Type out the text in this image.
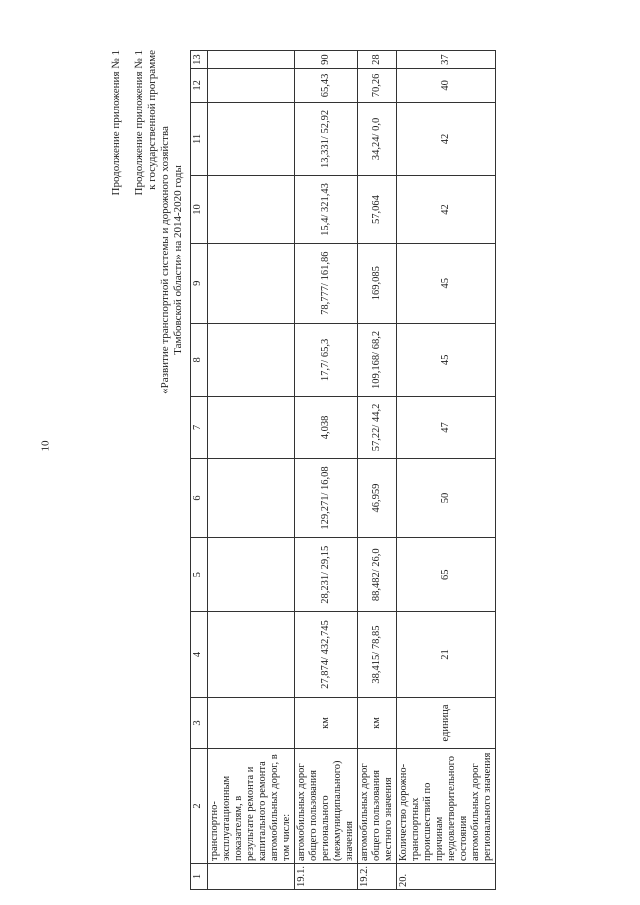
10
Продолжение приложения № 1 Продолжение приложения № 1 к государственной программе
«Развитие транспортной системы и дорожного хозяйства Тамбовской области» на 2014-2020 годы
1	2	3	4	5	6	7	8	9	10	11	12	13
	транспортно-эксплуатационным показателям, в результате ремонта и капитального ремонта автомобильных дорог, в том числе:											
19.1.	автомобильных дорог общего пользования регионального (межмуниципального) значения	км	27,874/ 432,745	28,231/ 29,15	129,271/ 16,08	4,038	17,7/ 65,3	78,777/ 161,86	15,4/ 321,43	13,331/ 52,92	65,43	90
19.2.	автомобильных дорог общего пользования местного значения	км	38,415/ 78,85	88,482/ 26,0	46,959	57,22/ 44,2	109,168/ 68,2	169,085	57,064	34,24/ 0,0	70,26	28
20.	Количество дорожно-транспортных происшествий по причинам неудовлетворительного состояния автомобильных дорог регионального значения	единица	21	65	50	47	45	45	42	42	40	37
